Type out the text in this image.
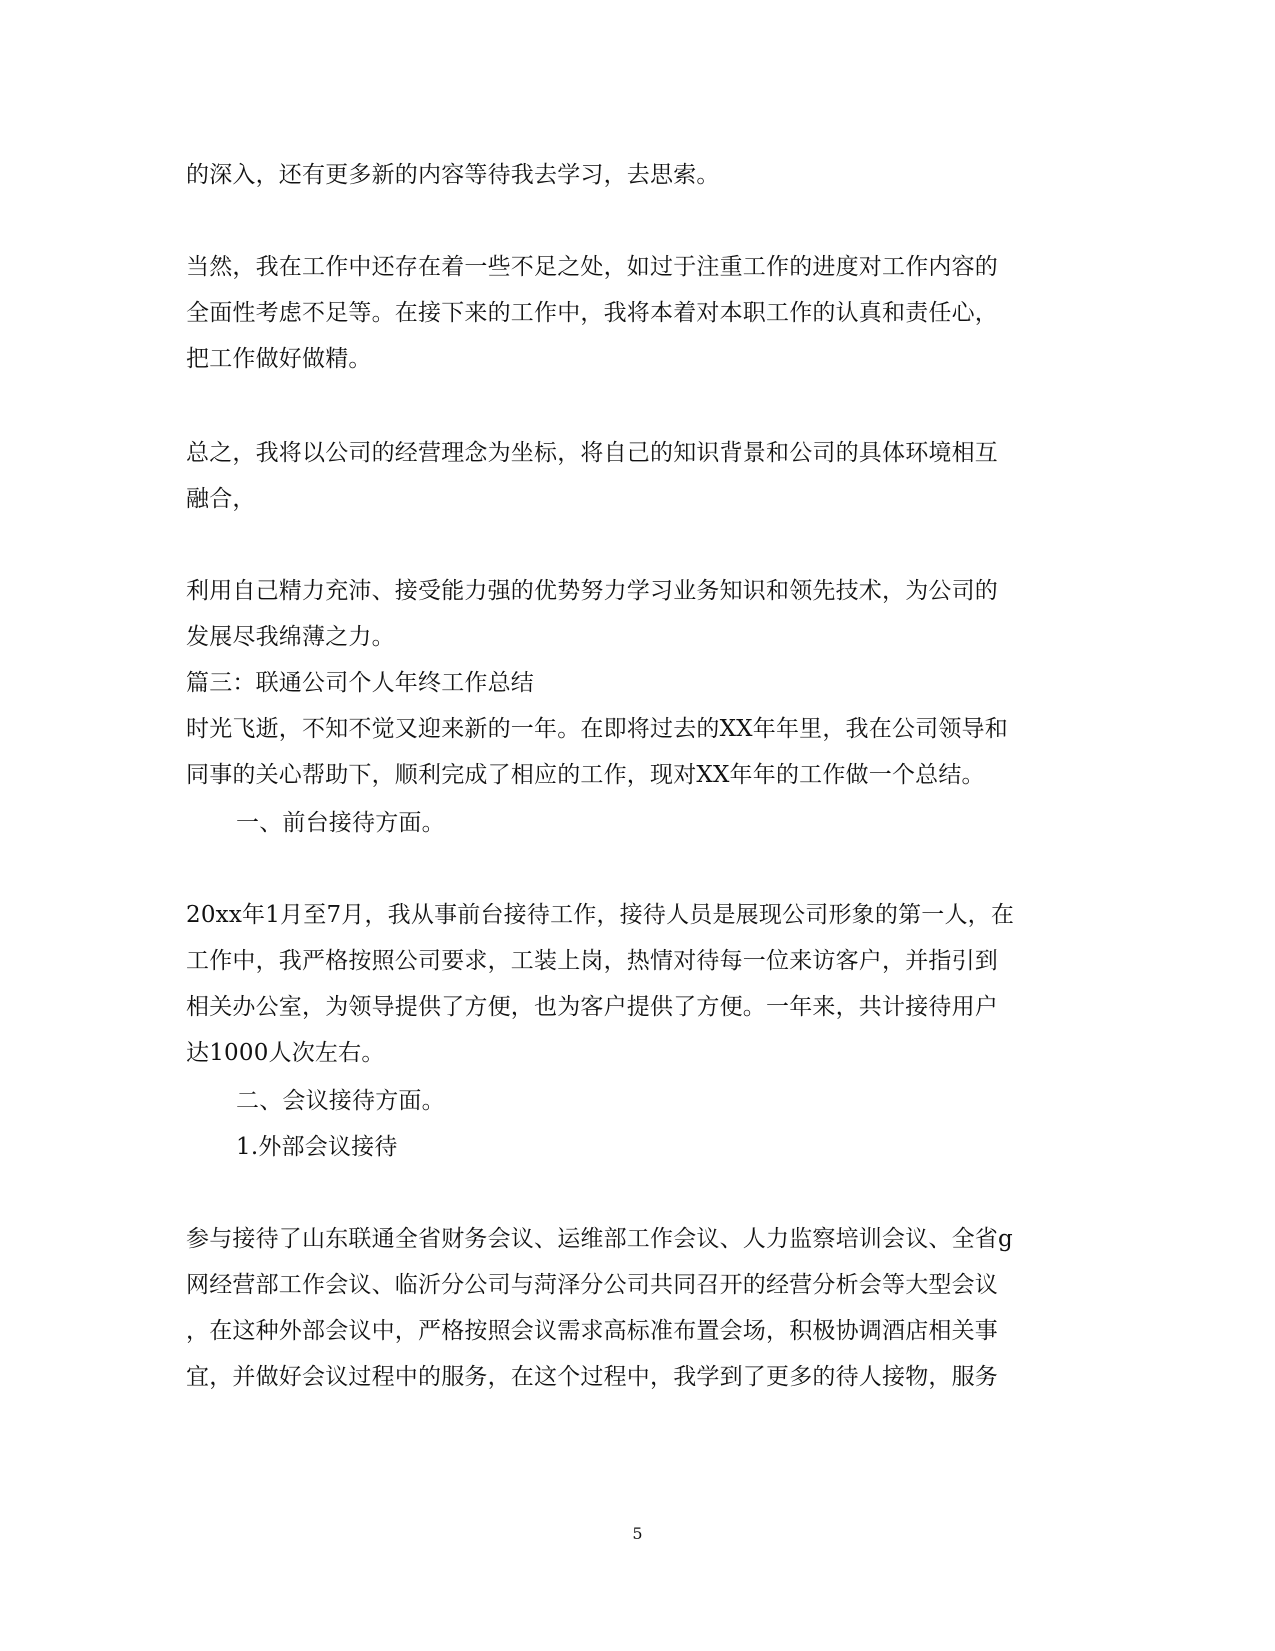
的深入，还有更多新的内容等待我去学习，去思索。
当然，我在工作中还存在着一些不足之处，如过于注重工作的进度对工作内容的
全面性考虑不足等。在接下来的工作中，我将本着对本职工作的认真和责任心，
把工作做好做精。
总之，我将以公司的经营理念为坐标，将自己的知识背景和公司的具体环境相互
融合，
利用自己精力充沛、接受能力强的优势努力学习业务知识和领先技术，为公司的
发展尽我绵薄之力。
篇三：联通公司个人年终工作总结
时光飞逝，不知不觉又迎来新的一年。在即将过去的XX年年里，我在公司领导和
同事的关心帮助下，顺利完成了相应的工作，现对XX年年的工作做一个总结。
一、前台接待方面。
20xx年1月至7月，我从事前台接待工作，接待人员是展现公司形象的第一人，在
工作中，我严格按照公司要求，工装上岗，热情对待每一位来访客户，并指引到
相关办公室，为领导提供了方便，也为客户提供了方便。一年来，共计接待用户
达1000人次左右。
二、会议接待方面。
1.外部会议接待
参与接待了山东联通全省财务会议、运维部工作会议、人力监察培训会议、全省g
网经营部工作会议、临沂分公司与菏泽分公司共同召开的经营分析会等大型会议
，在这种外部会议中，严格按照会议需求高标准布置会场，积极协调酒店相关事
宜，并做好会议过程中的服务，在这个过程中，我学到了更多的待人接物，服务
5
